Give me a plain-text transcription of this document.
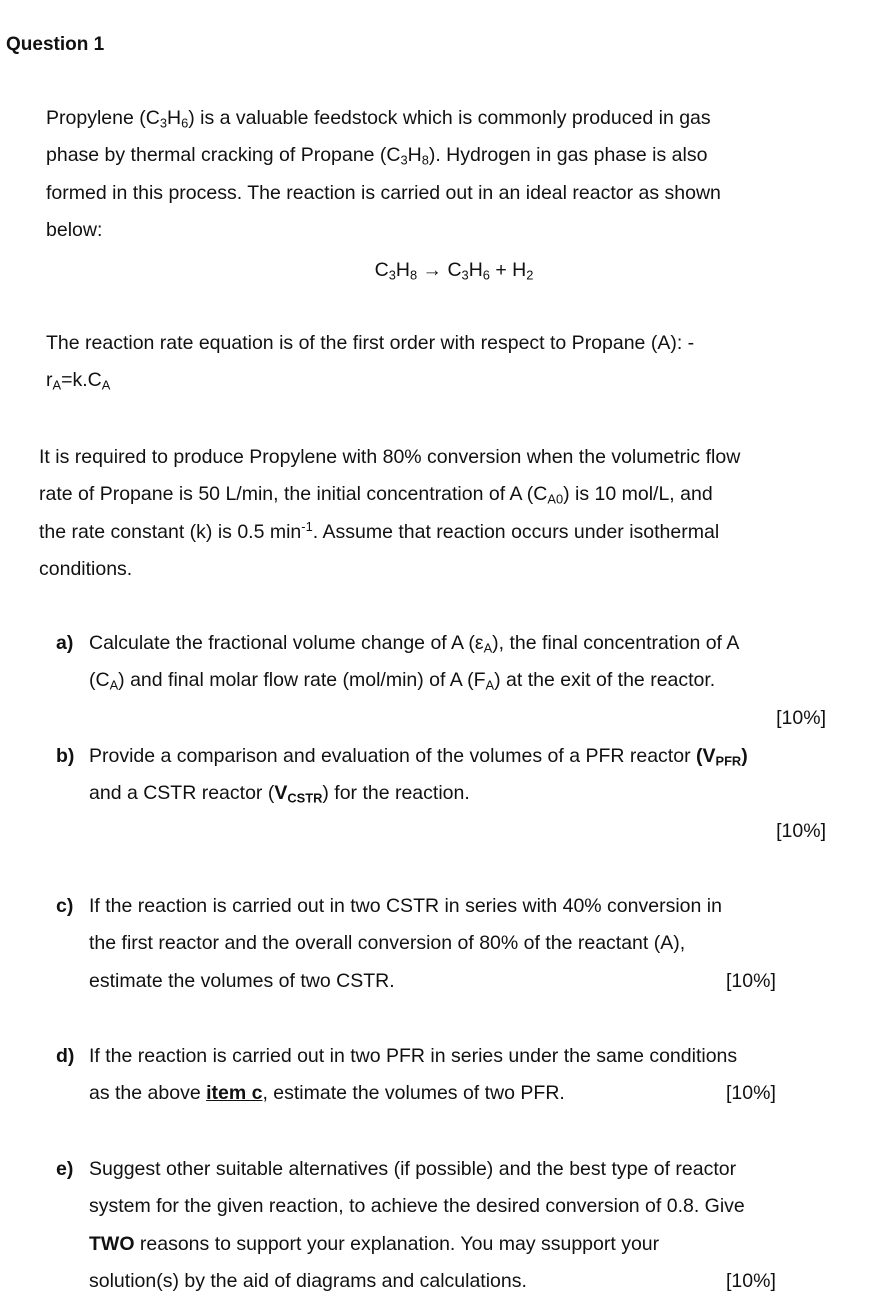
Question 1
Propylene $(C_3H_6)$ is a valuable feedstock which is commonly produced in gas
phase by thermal cracking of Propane $(C_3H_8)$. Hydrogen in gas phase is also
formed in this process. The reaction is carried out in an ideal reactor as shown
below:
$C_3H_8 \to C_3H_6 + H_2$
The reaction rate equation is of the first order with respect to Propane (A): -
$r_A=k.C_A$
It is required to produce Propylene with 80% conversion when the volumetric flow
rate of Propane is 50 L/min, the initial concentration of A $(C_{A0})$ is 10 mol/L, and
the rate constant (k) is 0.5 $\min^{-1}$. Assume that reaction occurs under isothermal
conditions.
a) Calculate the fractional volume change of A $(\varepsilon_A)$, the final concentration of A
$(C_A)$ and final molar flow rate (mol/min) of A $(F_A)$ at the exit of the reactor.
[10%]
b) Provide a comparison and evaluation of the volumes of a PFR reactor $(V_{PFR})$
and a CSTR reactor $(V_{CSTR})$ for the reaction.
[10%]
c) If the reaction is carried out in two CSTR in series with 40% conversion in
the first reactor and the overall conversion of 80% of the reactant (A),
estimate the volumes of two CSTR.	[10%]
d) If the reaction is carried out in two PFR in series under the same conditions
as the above item c, estimate the volumes of two PFR.	[10%]
e) Suggest other suitable alternatives (if possible) and the best type of reactor
system for the given reaction, to achieve the desired conversion of 0.8. Give
TWO reasons to support your explanation. You may ssupport your
solution(s) by the aid of diagrams and calculations.	[10%]
